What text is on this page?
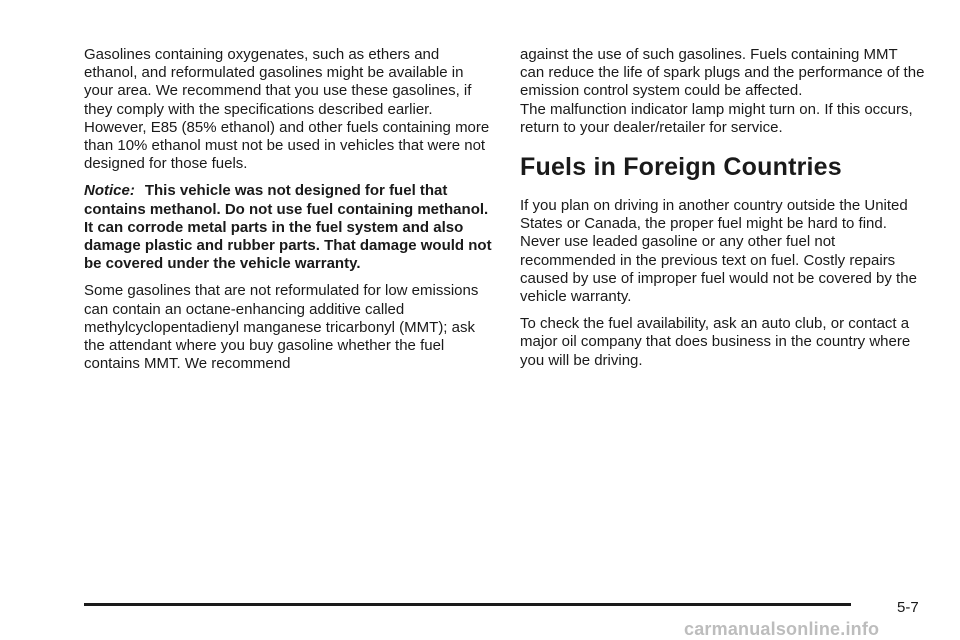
Gasolines containing oxygenates, such as ethers and ethanol, and reformulated gasolines might be available in your area. We recommend that you use these gasolines, if they comply with the specifications described earlier. However, E85 (85% ethanol) and other fuels containing more than 10% ethanol must not be used in vehicles that were not designed for those fuels.

Notice: This vehicle was not designed for fuel that contains methanol. Do not use fuel containing methanol. It can corrode metal parts in the fuel system and also damage plastic and rubber parts. That damage would not be covered under the vehicle warranty.

Some gasolines that are not reformulated for low emissions can contain an octane-enhancing additive called methylcyclopentadienyl manganese tricarbonyl (MMT); ask the attendant where you buy gasoline whether the fuel contains MMT. We recommend

against the use of such gasolines. Fuels containing MMT can reduce the life of spark plugs and the performance of the emission control system could be affected.

The malfunction indicator lamp might turn on. If this occurs, return to your dealer/retailer for service.

Fuels in Foreign Countries

If you plan on driving in another country outside the United States or Canada, the proper fuel might be hard to find. Never use leaded gasoline or any other fuel not recommended in the previous text on fuel. Costly repairs caused by use of improper fuel would not be covered by the vehicle warranty.

To check the fuel availability, ask an auto club, or contact a major oil company that does business in the country where you will be driving.

5-7
carmanualsonline.info
